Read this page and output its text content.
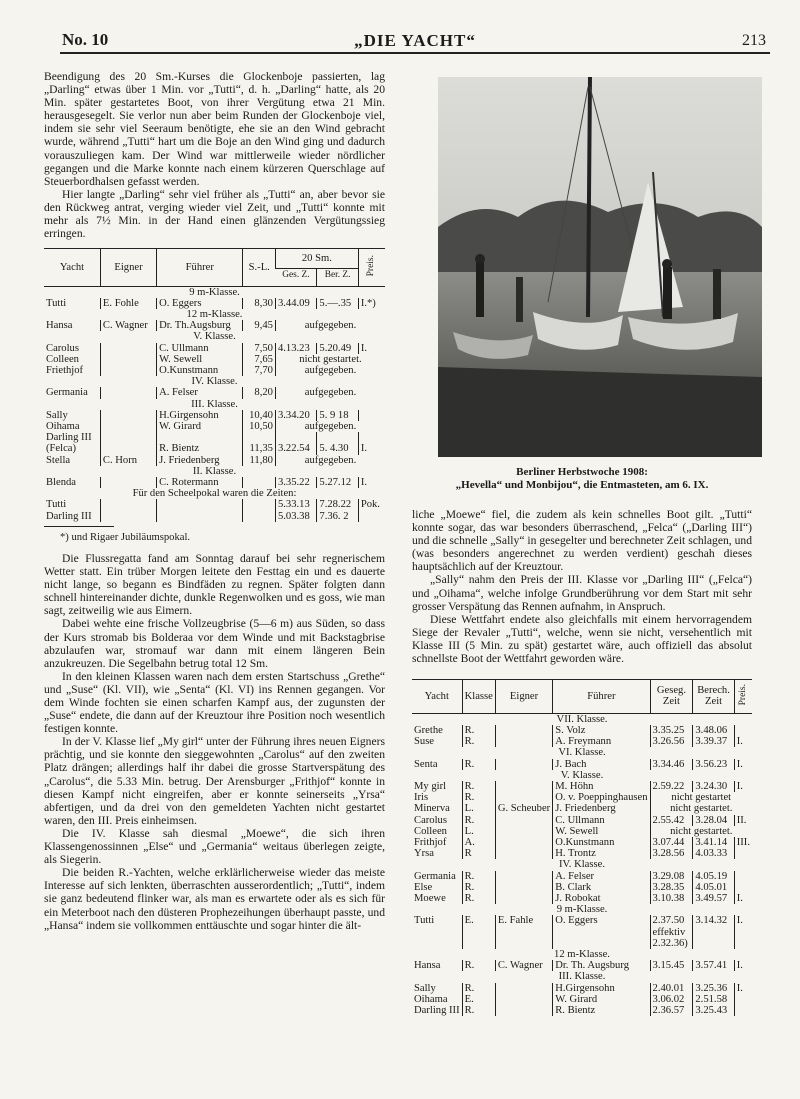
No. 10	„DIE YACHT“	213

Beendigung des 20 Sm.-Kurses die Glockenboje passierten, lag „Darling“ etwas über 1 Min. vor „Tutti“, d. h. „Darling“ hatte, als 20 Min. später gestartetes Boot, von ihrer Vergütung etwa 21 Min. herausgesegelt. Sie verlor nun aber beim Runden der Glockenboje viel, indem sie sehr viel Seeraum benötigte, ehe sie an den Wind gebracht wurde, während „Tutti“ hart um die Boje an den Wind ging und dadurch vorauszuliegen kam. Der Wind war mittlerweile wieder nördlicher gegangen und die Marke konnte nach einem kürzeren Querschlage auf Steuerbordhalsen gefasst werden.

Hier langte „Darling“ sehr viel früher als „Tutti“ an, aber bevor sie den Rückweg antrat, verging wieder viel Zeit, und „Tutti“ konnte mit mehr als 7½ Min. in der Hand einen glänzenden Vergütungssieg erringen.

Yacht	Eigner	Führer	S.-L.	20 Sm.		Preis.
				Ges. Z.	Ber. Z.	
9 m-Klasse.						
Tutti	E. Fohle	O. Eggers	8,30	3.44.09	5.—.35	I.*)
12 m-Klasse.						
Hansa	C. Wagner	Dr. Th.Augsburg	9,45	aufgegeben.		
V. Klasse.						
Carolus		C. Ullmann	7,50	4.13.23	5.20.49	I.
Colleen		W. Sewell	7,65	nicht gestartet.		
Friethjof		O.Kunstmann	7,70	aufgegeben.		
IV. Klasse.						
Germania		A. Felser	8,20	aufgegeben.		
III. Klasse.						
Sally		H.Girgensohn	10,40	3.34.20	5. 9 18	
Oihama		W. Girard	10,50	aufgegeben.		
Darling III						
(Felca)		R. Bientz	11,35	3.22.54	5. 4.30	I.
Stella	C. Horn	J. Friedenberg	11,80	aufgegeben.		
II. Klasse.						
Blenda		C. Rotermann		3.35.22	5.27.12	I.
Für den Scheelpokal waren die Zeiten:						
Tutti				5.33.13	7.28.22	Pok.
Darling III				5.03.38	7.36. 2	

*) und Rigaer Jubiläumspokal.

Die Flussregatta fand am Sonntag darauf bei sehr regnerischem Wetter statt. Ein trüber Morgen leitete den Festtag ein und es dauerte nicht lange, so begann es Bindfäden zu regnen. Später folgten dann schnell hintereinander dichte, dunkle Regenwolken und es goss, wie man sagt, zeitweilig wie aus Eimern.

Dabei wehte eine frische Vollzeugbrise (5—6 m) aus Süden, so dass der Kurs stromab bis Bolderaa vor dem Winde und mit Backstagbrise abzulaufen war, stromauf war dann mit einem längeren Bein anzukreuzen. Die Segelbahn betrug total 12 Sm.

In den kleinen Klassen waren nach dem ersten Startschuss „Grethe“ und „Suse“ (Kl. VII), wie „Senta“ (Kl. VI) ins Rennen gegangen. Vor dem Winde fochten sie einen scharfen Kampf aus, der zugunsten der „Suse“ endete, die dann auf der Kreuztour ihre Position noch wesentlich festigen konnte.

In der V. Klasse lief „My girl“ unter der Führung ihres neuen Eigners prächtig, und sie konnte den sieggewohnten „Carolus“ auf den zweiten Platz drängen; allerdings half ihr dabei die grosse Startverspätung des „Carolus“, die 5.33 Min. betrug. Der Arensburger „Frithjof“ konnte in diesen Kampf nicht eingreifen, aber er konnte seinerseits „Yrsa“ abfertigen, und da drei von den gemeldeten Yachten nicht gestartet waren, den III. Preis einheimsen.

Die IV. Klasse sah diesmal „Moewe“, die sich ihren Klassengenossinnen „Else“ und „Germania“ weitaus überlegen zeigte, als Siegerin.

Die beiden R.-Yachten, welche erklärlicherweise wieder das meiste Interesse auf sich lenkten, überraschten ausserordentlich; „Tutti“, indem sie ganz bedeutend flinker war, als man es erwartete oder als es sich für ein Meterboot nach den düsteren Prophezeihungen überhaupt passte, und „Hansa“ indem sie vollkommen enttäuschte und sogar hinter die ält-

Berliner Herbstwoche 1908:
„Hevella“ und Monbijou“, die Entmasteten, am 6. IX.

liche „Moewe“ fiel, die zudem als kein schnelles Boot gilt. „Tutti“ konnte sogar, das war besonders überraschend, „Felca“ („Darling III“) und die schnelle „Sally“ in gesegelter und berechneter Zeit schlagen, und (was besonders angerechnet zu werden verdient) geschah dieses hauptsächlich auf der Kreuztour.

„Sally“ nahm den Preis der III. Klasse vor „Darling III“ („Felca“) und „Oihama“, welche infolge Grundberührung vor dem Start mit sehr grosser Verspätung das Rennen aufnahm, in Anspruch.

Diese Wettfahrt endete also gleichfalls mit einem hervorragendem Siege der Revaler „Tutti“, welche, wenn sie nicht, versehentlich mit Klasse III (5 Min. zu spät) gestartet wäre, auch offiziell das absolut schnellste Boot der Wettfahrt geworden wäre.

Yacht	Klasse	Eigner	Führer	Geseg. Zeit	Berech. Zeit	Preis.
VII. Klasse.						
Grethe	R.		S. Volz	3.35.25	3.48.06	
Suse	R.		A. Freymann	3.26.56	3.39.37	I.
VI. Klasse.						
Senta	R.		J. Bach	3.34.46	3.56.23	I.
V. Klasse.						
My girl	R.		M. Höhn	2.59.22	3.24.30	I.
Iris	R.		O. v. Poeppinghausen	nicht gestartet		
Minerva	L.	G. Scheuber	J. Friedenberg	nicht gestartet.		
Carolus	R.		C. Ullmann	2.55.42	3.28.04	II.
Colleen	L.		W. Sewell	nicht gestartet.		
Frithjof	A.		O.Kunstmann	3.07.44	3.41.14	III.
Yrsa	R		H. Trontz	3.28.56	4.03.33	
IV. Klasse.						
Germania	R.		A. Felser	3.29.08	4.05.19	
Else	R.		B. Clark	3.28.35	4.05.01	
Moewe	R.		J. Robokat	3.10.38	3.49.57	I.
9 m-Klasse.						
Tutti	E.	E. Fahle	O. Eggers	2.37.50	3.14.32	I.
				effektiv		
				2.32.36)		
12 m-Klasse.						
Hansa	R.	C. Wagner	Dr. Th. Augsburg	3.15.45	3.57.41	I.
III. Klasse.						
Sally	R.		H.Girgensohn	2.40.01	3.25.36	I.
Oihama	E.		W. Girard	3.06.02	2.51.58	
Darling III	R.		R. Bientz	2.36.57	3.25.43	
